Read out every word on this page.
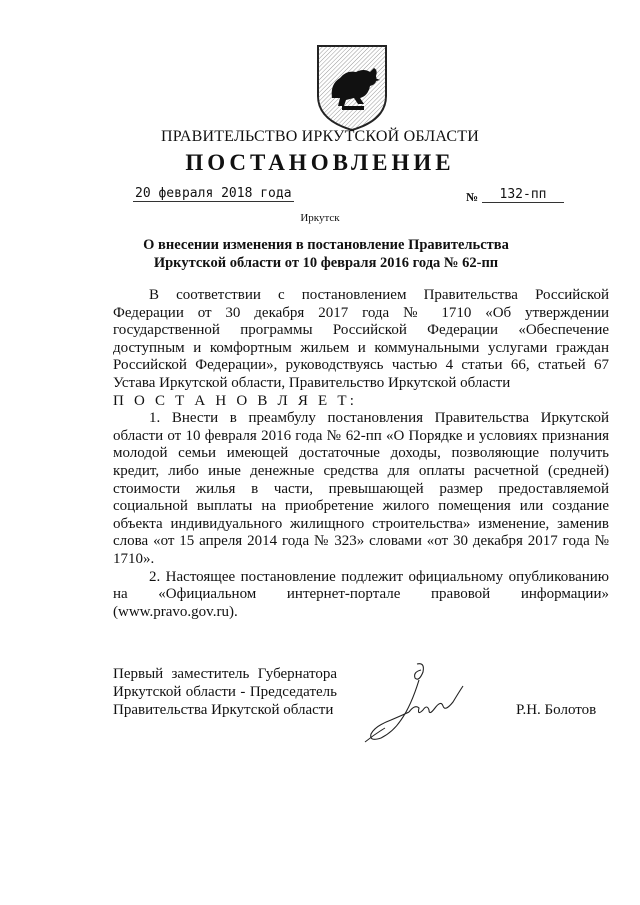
ПРАВИТЕЛЬСТВО ИРКУТСКОЙ ОБЛАСТИ
ПОСТАНОВЛЕНИЕ
20 февраля 2018 года	№	132-пп
Иркутск
О внесении изменения в постановление Правительства Иркутской области от 10 февраля 2016 года № 62-пп

В соответствии с постановлением Правительства Российской Федерации от 30 декабря 2017 года № 1710 «Об утверждении государственной программы Российской Федерации «Обеспечение доступным и комфортным жильем и коммунальными услугами граждан Российской Федерации», руководствуясь частью 4 статьи 66, статьей 67 Устава Иркутской области, Правительство Иркутской области

П О С Т А Н О В Л Я Е Т:

1. Внести в преамбулу постановления Правительства Иркутской области от 10 февраля 2016 года № 62-пп «О Порядке и условиях признания молодой семьи имеющей достаточные доходы, позволяющие получить кредит, либо иные денежные средства для оплаты расчетной (средней) стоимости жилья в части, превышающей размер предоставляемой социальной выплаты на приобретение жилого помещения или создание объекта индивидуального жилищного строительства» изменение, заменив слова «от 15 апреля 2014 года № 323» словами «от 30 декабря 2017 года № 1710».

2. Настоящее постановление подлежит официальному опубликованию на «Официальном интернет-портале правовой информации» (www.pravo.gov.ru).

Первый заместитель Губернатора
Иркутской области - Председатель
Правительства Иркутской области	Р.Н. Болотов
